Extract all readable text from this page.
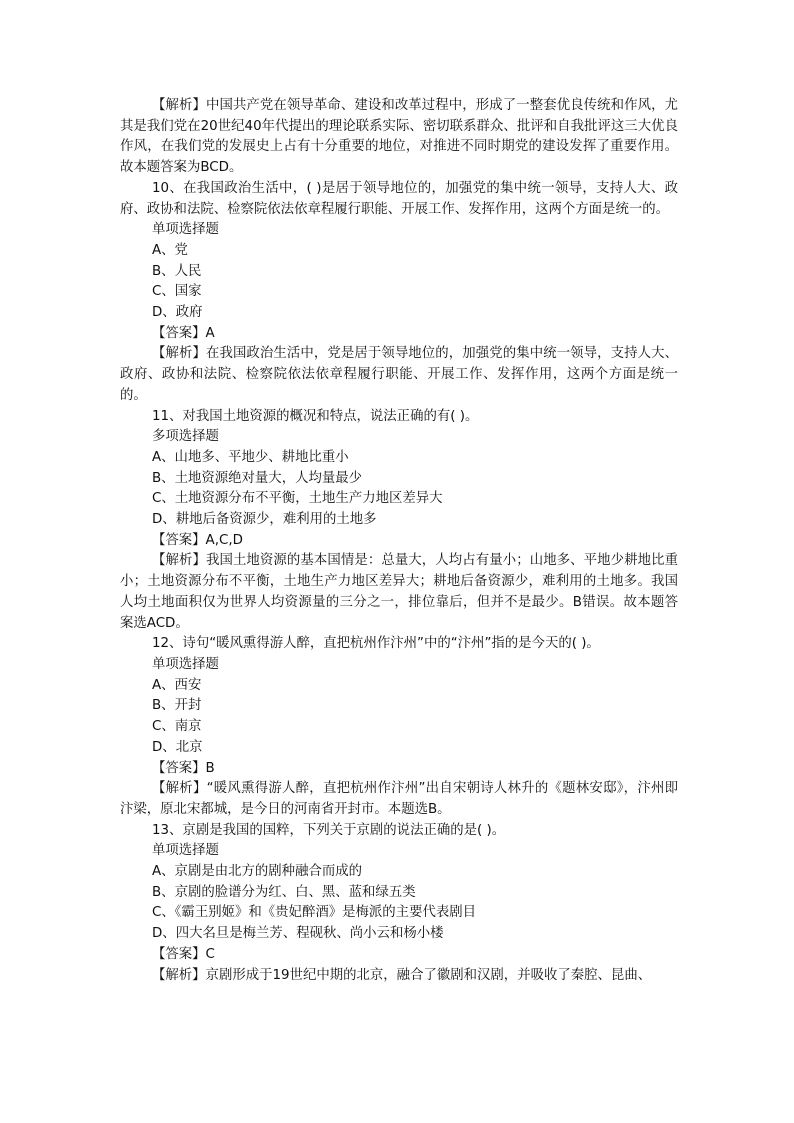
【解析】中国共产党在领导革命、建设和改革过程中，形成了一整套优良传统和作风，尤其是我们党在20世纪40年代提出的理论联系实际、密切联系群众、批评和自我批评这三大优良作风，在我们党的发展史上占有十分重要的地位，对推进不同时期党的建设发挥了重要作用。故本题答案为BCD。
10、在我国政治生活中，( )是居于领导地位的，加强党的集中统一领导，支持人大、政府、政协和法院、检察院依法依章程履行职能、开展工作、发挥作用，这两个方面是统一的。
单项选择题
A、党
B、人民
C、国家
D、政府
【答案】A
【解析】在我国政治生活中，党是居于领导地位的，加强党的集中统一领导，支持人大、政府、政协和法院、检察院依法依章程履行职能、开展工作、发挥作用，这两个方面是统一的。
11、对我国土地资源的概况和特点，说法正确的有( )。
多项选择题
A、山地多、平地少、耕地比重小
B、土地资源绝对量大，人均量最少
C、土地资源分布不平衡，土地生产力地区差异大
D、耕地后备资源少，难利用的土地多
【答案】A,C,D
【解析】我国土地资源的基本国情是：总量大，人均占有量小；山地多、平地少耕地比重小；土地资源分布不平衡，土地生产力地区差异大；耕地后备资源少，难利用的土地多。我国人均土地面积仅为世界人均资源量的三分之一，排位靠后，但并不是最少。B错误。故本题答案选ACD。
12、诗句“暖风熏得游人醉，直把杭州作汴州”中的“汴州”指的是今天的( )。
单项选择题
A、西安
B、开封
C、南京
D、北京
【答案】B
【解析】“暖风熏得游人醉，直把杭州作汴州”出自宋朝诗人林升的《题林安邸》，汴州即汴梁，原北宋都城，是今日的河南省开封市。本题选B。
13、京剧是我国的国粹，下列关于京剧的说法正确的是( )。
单项选择题
A、京剧是由北方的剧种融合而成的
B、京剧的脸谱分为红、白、黑、蓝和绿五类
C、《霸王别姬》和《贵妃醉酒》是梅派的主要代表剧目
D、四大名旦是梅兰芳、程砚秋、尚小云和杨小楼
【答案】C
【解析】京剧形成于19世纪中期的北京，融合了徽剧和汉剧，并吸收了秦腔、昆曲、
